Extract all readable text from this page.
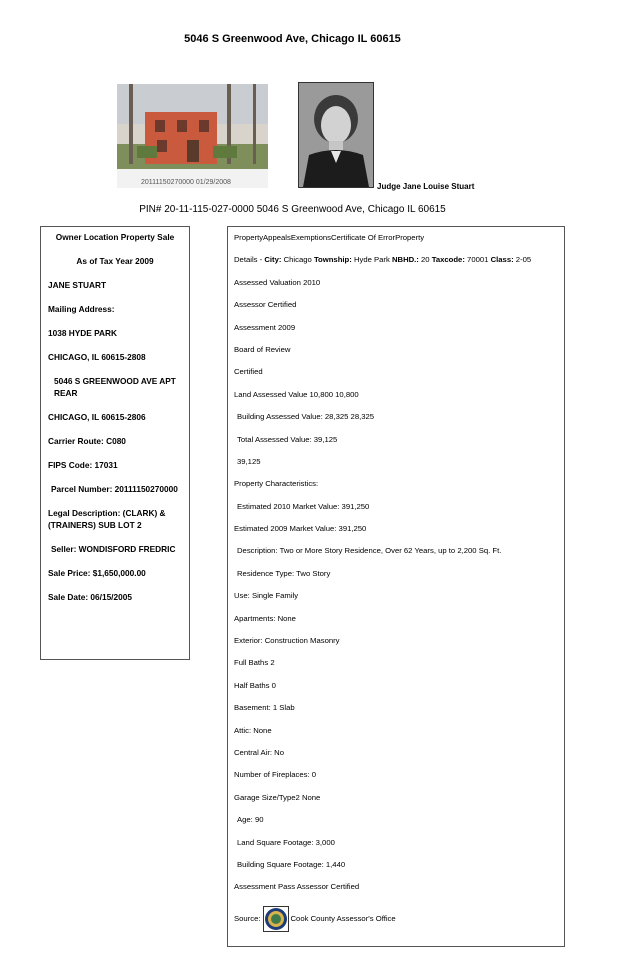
5046 S Greenwood Ave, Chicago IL 60615
20111150270000 01/29/2008	Judge Jane Louise Stuart
PIN# 20-11-115-027-0000 5046 S Greenwood Ave, Chicago IL 60615
Owner Location Property Sale
As of Tax Year 2009
JANE STUART
Mailing Address:
1038 HYDE PARK
CHICAGO, IL 60615-2808
5046 S GREENWOOD AVE APT REAR
CHICAGO, IL 60615-2806
Carrier Route: C080
FIPS Code: 17031
Parcel Number: 20111150270000
Legal Description: (CLARK) & (TRAINERS) SUB LOT 2
Seller: WONDISFORD FREDRIC
Sale Price: $1,650,000.00
Sale Date: 06/15/2005
PropertyAppealsExemptionsCertificate Of ErrorProperty
Details - City: Chicago Township: Hyde Park NBHD.: 20 Taxcode: 70001 Class: 2-05
Assessed Valuation 2010
Assessor Certified
Assessment 2009
Board of Review
Certified
Land Assessed Value 10,800 10,800
Building Assessed Value: 28,325 28,325
Total Assessed Value: 39,125
39,125
Property Characteristics:
Estimated 2010 Market Value: 391,250
Estimated 2009 Market Value: 391,250
Description: Two or More Story Residence, Over 62 Years, up to 2,200 Sq. Ft.
Residence Type: Two Story
Use: Single Family
Apartments: None
Exterior: Construction Masonry
Full Baths 2
Half Baths 0
Basement: 1 Slab
Attic: None
Central Air: No
Number of Fireplaces: 0
Garage Size/Type2 None
Age: 90
Land Square Footage: 3,000
Building Square Footage: 1,440
Assessment Pass Assessor Certified
Source:	Cook County Assessor's Office
